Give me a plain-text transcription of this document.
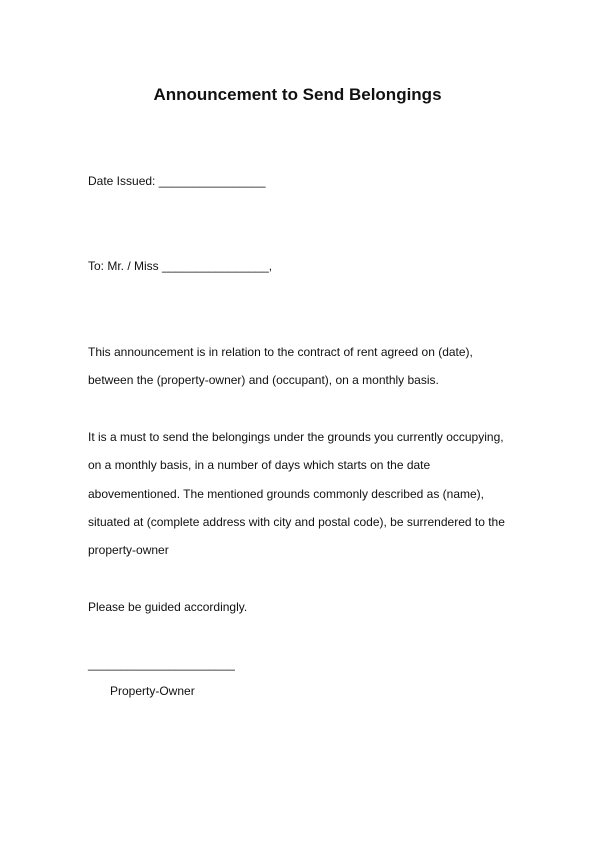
Announcement to Send Belongings
Date Issued: ________________
To: Mr. / Miss ________________,
This announcement is in relation to the contract of rent agreed on (date),
between the (property-owner) and (occupant), on a monthly basis.
It is a must to send the belongings under the grounds you currently occupying,
on a monthly basis, in a number of days which starts on the date
abovementioned. The mentioned grounds commonly described as (name),
situated at (complete address with city and postal code), be surrendered to the
property-owner
Please be guided accordingly.
______________________
Property-Owner
